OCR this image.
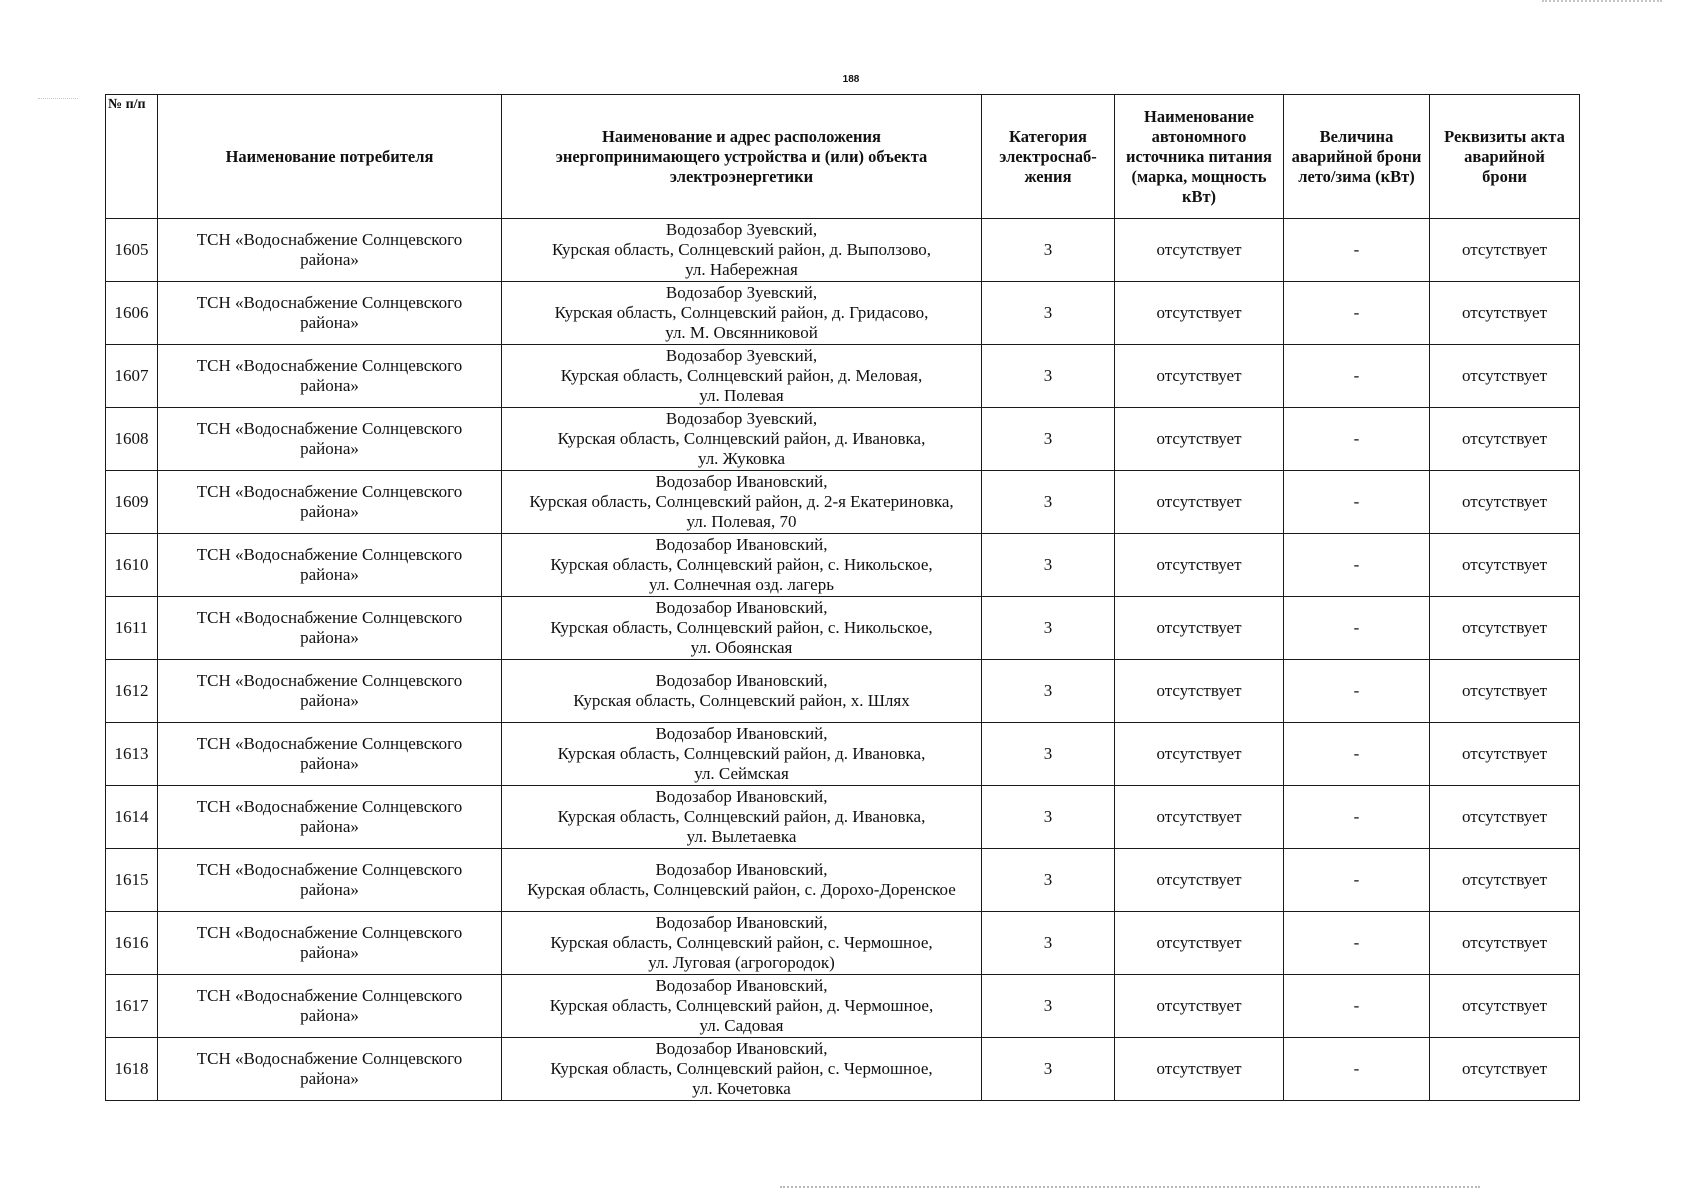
188
№ п/п	Наименование потребителя	Наименование и адрес расположения
энергопринимающего устройства и (или) объекта
электроэнергетики	Категория
электроснаб-
жения	Наименование
автономного
источника питания
(марка, мощность
кВт)	Величина
аварийной брони
лето/зима (кВт)	Реквизиты акта
аварийной
брони

1605	ТСН «Водоснабжение Солнцевского
района»	Водозабор Зуевский,
Курская область, Солнцевский район, д. Выползово,
ул. Набережная	3	отсутствует	-	отсутствует
1606	ТСН «Водоснабжение Солнцевского
района»	Водозабор Зуевский,
Курская область, Солнцевский район, д. Гридасово,
ул. М. Овсянниковой	3	отсутствует	-	отсутствует
1607	ТСН «Водоснабжение Солнцевского
района»	Водозабор Зуевский,
Курская область, Солнцевский район, д. Меловая,
ул. Полевая	3	отсутствует	-	отсутствует
1608	ТСН «Водоснабжение Солнцевского
района»	Водозабор Зуевский,
Курская область, Солнцевский район, д. Ивановка,
ул. Жуковка	3	отсутствует	-	отсутствует
1609	ТСН «Водоснабжение Солнцевского
района»	Водозабор Ивановский,
Курская область, Солнцевский район, д. 2-я Екатериновка,
ул. Полевая, 70	3	отсутствует	-	отсутствует
1610	ТСН «Водоснабжение Солнцевского
района»	Водозабор Ивановский,
Курская область, Солнцевский район, с. Никольское,
ул. Солнечная озд. лагерь	3	отсутствует	-	отсутствует
1611	ТСН «Водоснабжение Солнцевского
района»	Водозабор Ивановский,
Курская область, Солнцевский район, с. Никольское,
ул. Обоянская	3	отсутствует	-	отсутствует
1612	ТСН «Водоснабжение Солнцевского
района»	Водозабор Ивановский,
Курская область, Солнцевский район, х. Шлях	3	отсутствует	-	отсутствует
1613	ТСН «Водоснабжение Солнцевского
района»	Водозабор Ивановский,
Курская область, Солнцевский район, д. Ивановка,
ул. Сеймская	3	отсутствует	-	отсутствует
1614	ТСН «Водоснабжение Солнцевского
района»	Водозабор Ивановский,
Курская область, Солнцевский район, д. Ивановка,
ул. Вылетаевка	3	отсутствует	-	отсутствует
1615	ТСН «Водоснабжение Солнцевского
района»	Водозабор Ивановский,
Курская область, Солнцевский район, с. Дорохо-Доренское	3	отсутствует	-	отсутствует
1616	ТСН «Водоснабжение Солнцевского
района»	Водозабор Ивановский,
Курская область, Солнцевский район, с. Чермошное,
ул. Луговая (агрогородок)	3	отсутствует	-	отсутствует
1617	ТСН «Водоснабжение Солнцевского
района»	Водозабор Ивановский,
Курская область, Солнцевский район, д. Чермошное,
ул. Садовая	3	отсутствует	-	отсутствует
1618	ТСН «Водоснабжение Солнцевского
района»	Водозабор Ивановский,
Курская область, Солнцевский район, с. Чермошное,
ул. Кочетовка	3	отсутствует	-	отсутствует
